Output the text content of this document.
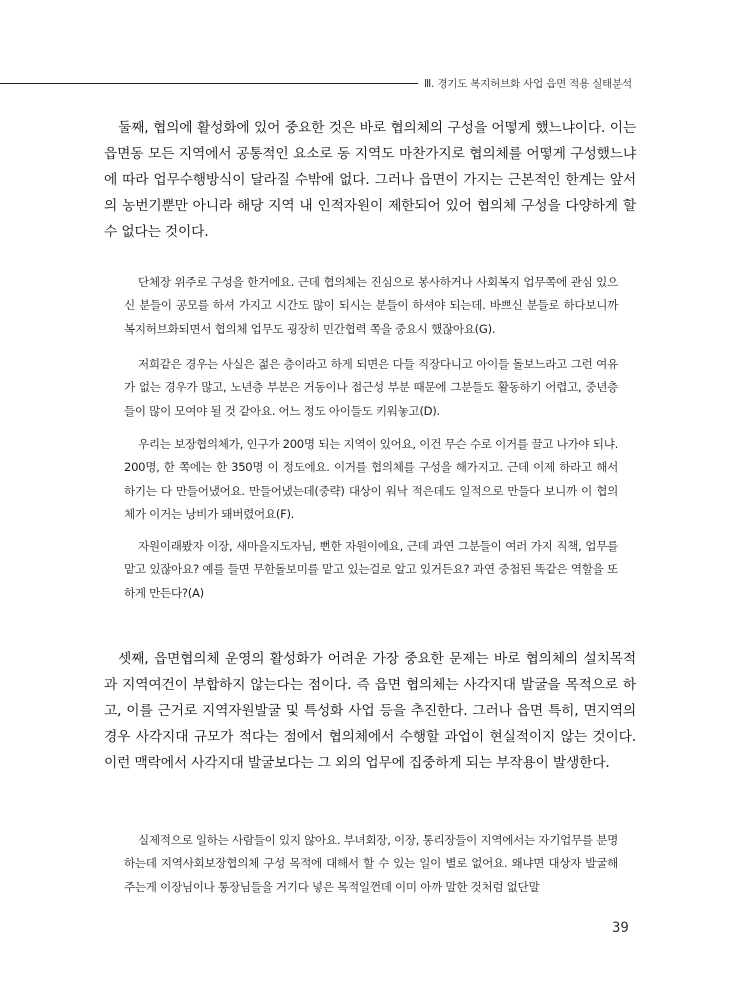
Ⅲ. 경기도 복지허브화 사업 읍면 적용 실태분석

둘째, 협의에 활성화에 있어 중요한 것은 바로 협의체의 구성을 어떻게 했느냐이다. 이는 읍면동 모든 지역에서 공통적인 요소로 동 지역도 마찬가지로 협의체를 어떻게 구성했느냐에 따라 업무수행방식이 달라질 수밖에 없다. 그러나 읍면이 가지는 근본적인 한계는 앞서의 농번기뿐만 아니라 해당 지역 내 인적자원이 제한되어 있어 협의체 구성을 다양하게 할 수 없다는 것이다.

단체장 위주로 구성을 한거에요. 근데 협의체는 진심으로 봉사하거나 사회복지 업무쪽에 관심 있으신 분들이 공모를 하셔 가지고 시간도 많이 되시는 분들이 하셔야 되는데. 바쁘신 분들로 하다보니까 복지허브화되면서 협의체 업무도 굉장히 민간협력 쪽을 중요시 했잖아요(G).

저희같은 경우는 사실은 젊은 층이라고 하게 되면은 다들 직장다니고 아이들 돌보느라고 그런 여유가 없는 경우가 많고, 노년층 부분은 거동이나 접근성 부분 때문에 그분들도 활동하기 어렵고, 중년층들이 많이 모여야 될 것 같아요. 어느 정도 아이들도 키워놓고(D).

우리는 보장협의체가, 인구가 200명 되는 지역이 있어요, 이건 무슨 수로 이거를 끌고 나가야 되냐. 200명, 한 쪽에는 한 350명 이 정도에요. 이거를 협의체를 구성을 해가지고. 근데 이제 하라고 해서 하기는 다 만들어냈어요. 만들어냈는데(중략) 대상이 워낙 적은데도 일적으로 만들다 보니까 이 협의체가 이거는 낭비가 돼버렸어요(F).

자원이래봤자 이장, 새마을지도자님, 뻔한 자원이에요, 근데 과연 그분들이 여러 가지 직책, 업무를 맡고 있잖아요? 예를 들면 무한돌보미를 맡고 있는걸로 알고 있거든요? 과연 중첩된 똑같은 역할을 또 하게 만든다?(A)

셋째, 읍면협의체 운영의 활성화가 어려운 가장 중요한 문제는 바로 협의체의 설치목적과 지역여건이 부합하지 않는다는 점이다. 즉 읍면 협의체는 사각지대 발굴을 목적으로 하고, 이를 근거로 지역자원발굴 및 특성화 사업 등을 추진한다. 그러나 읍면 특히, 면지역의 경우 사각지대 규모가 적다는 점에서 협의체에서 수행할 과업이 현실적이지 않는 것이다. 이런 맥락에서 사각지대 발굴보다는 그 외의 업무에 집중하게 되는 부작용이 발생한다.

실제적으로 일하는 사람들이 있지 않아요. 부녀회장, 이장, 통리장들이 지역에서는 자기업무를 분명 하는데 지역사회보장협의체 구성 목적에 대해서 할 수 있는 일이 별로 없어요. 왜냐면 대상자 발굴해주는게 이장님이나 통장님들을 거기다 넣은 목적일껀데 이미 아까 말한 것처럼 없단말

39
